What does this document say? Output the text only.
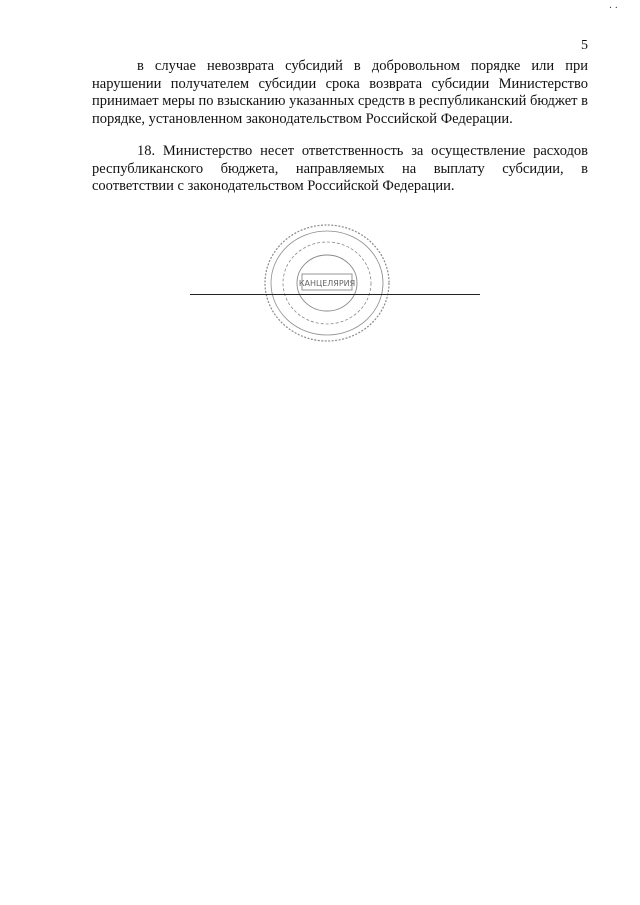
· ·
5

в случае невозврата субсидий в добровольном порядке или при нарушении получателем субсидии срока возврата субсидии Министерство принимает меры по взысканию указанных средств в республиканский бюджет в порядке, установленном законодательством Российской Федерации.

18. Министерство несет ответственность за осуществление расходов республиканского бюджета, направляемых на выплату субсидии, в соответствии с законодательством Российской Федерации.

КАНЦЕЛЯРИЯ
